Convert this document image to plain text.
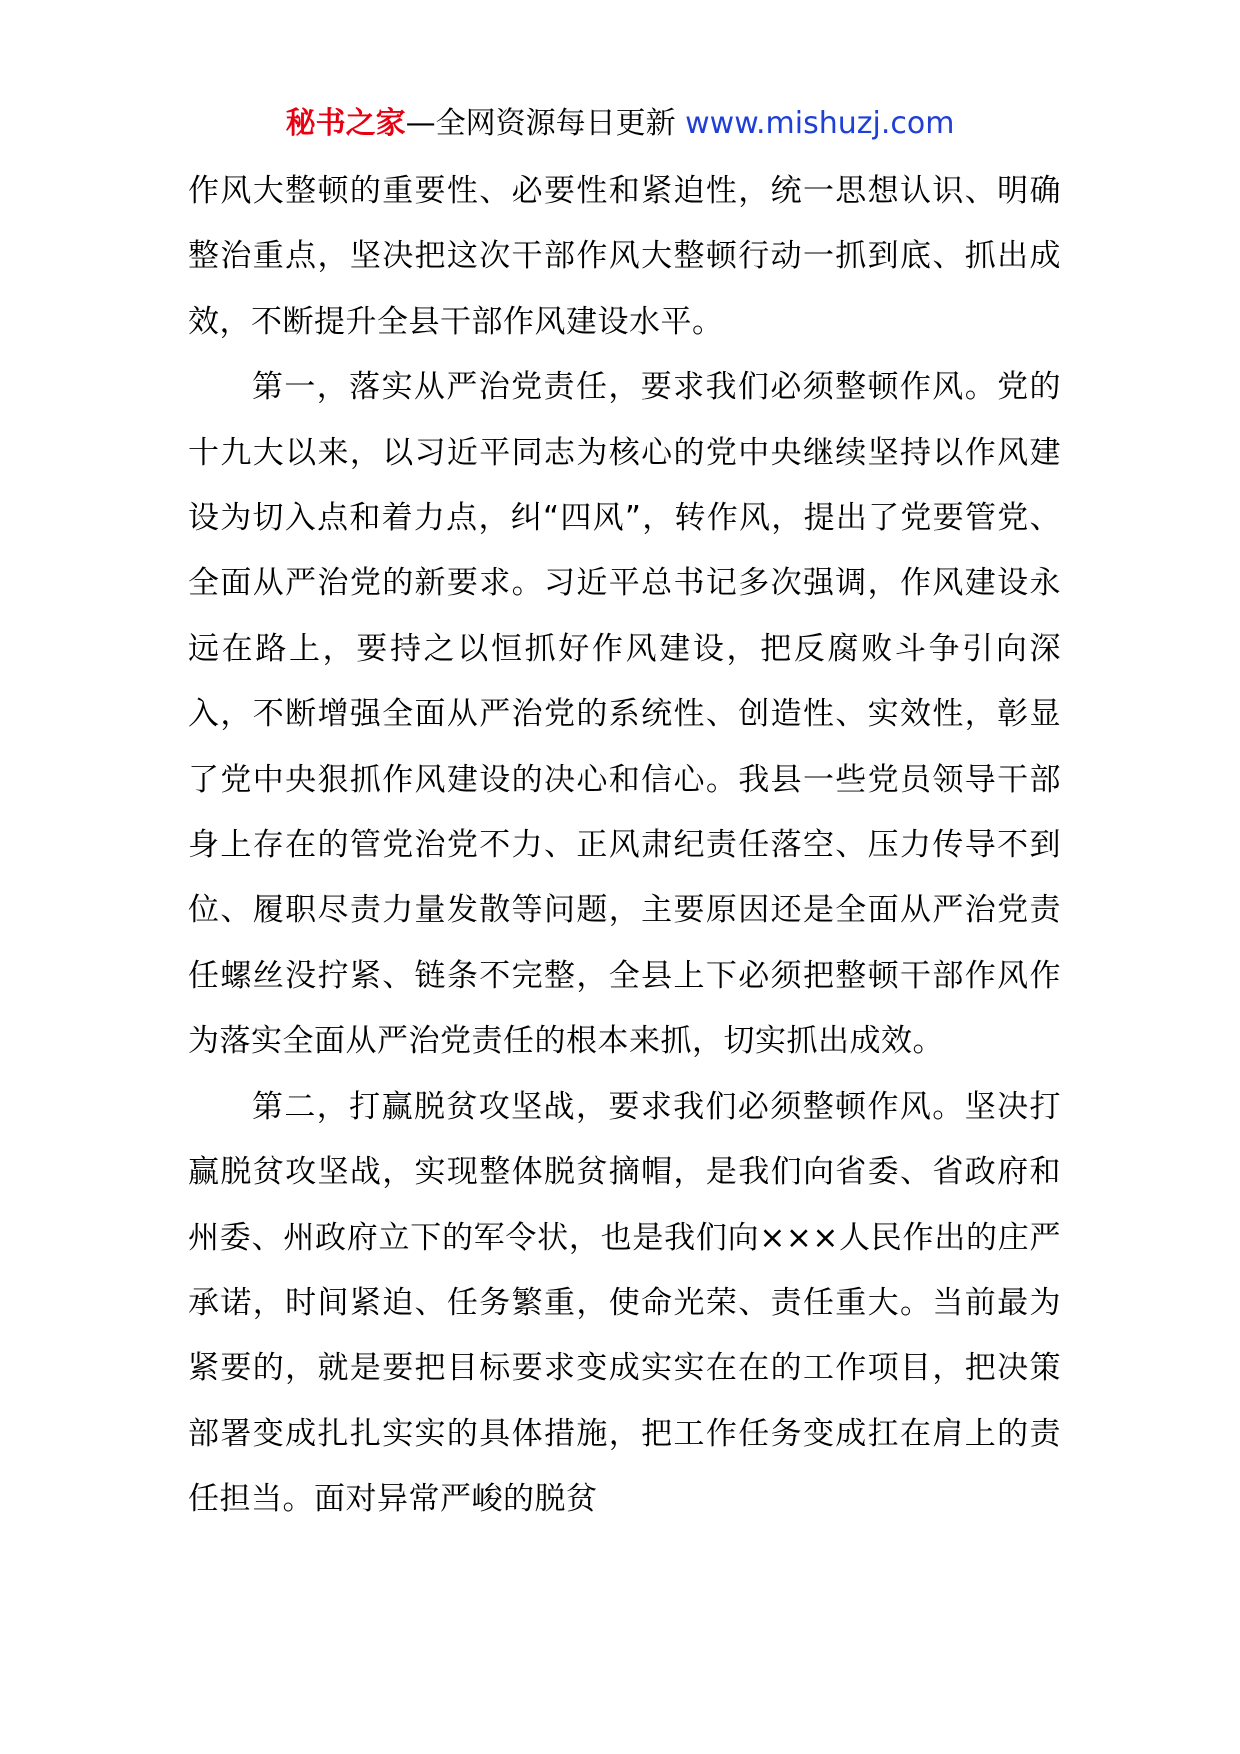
秘书之家—全网资源每日更新 www.mishuzj.com

作风大整顿的重要性、必要性和紧迫性，统一思想认识、明确整治重点，坚决把这次干部作风大整顿行动一抓到底、抓出成效，不断提升全县干部作风建设水平。

第一，落实从严治党责任，要求我们必须整顿作风。党的十九大以来，以习近平同志为核心的党中央继续坚持以作风建设为切入点和着力点，纠“四风”，转作风，提出了党要管党、全面从严治党的新要求。习近平总书记多次强调，作风建设永远在路上，要持之以恒抓好作风建设，把反腐败斗争引向深入，不断增强全面从严治党的系统性、创造性、实效性，彰显了党中央狠抓作风建设的决心和信心。我县一些党员领导干部身上存在的管党治党不力、正风肃纪责任落空、压力传导不到位、履职尽责力量发散等问题，主要原因还是全面从严治党责任螺丝没拧紧、链条不完整，全县上下必须把整顿干部作风作为落实全面从严治党责任的根本来抓，切实抓出成效。

第二，打赢脱贫攻坚战，要求我们必须整顿作风。坚决打赢脱贫攻坚战，实现整体脱贫摘帽，是我们向省委、省政府和州委、州政府立下的军令状，也是我们向×××人民作出的庄严承诺，时间紧迫、任务繁重，使命光荣、责任重大。当前最为紧要的，就是要把目标要求变成实实在在的工作项目，把决策部署变成扎扎实实的具体措施，把工作任务变成扛在肩上的责任担当。面对异常严峻的脱贫
